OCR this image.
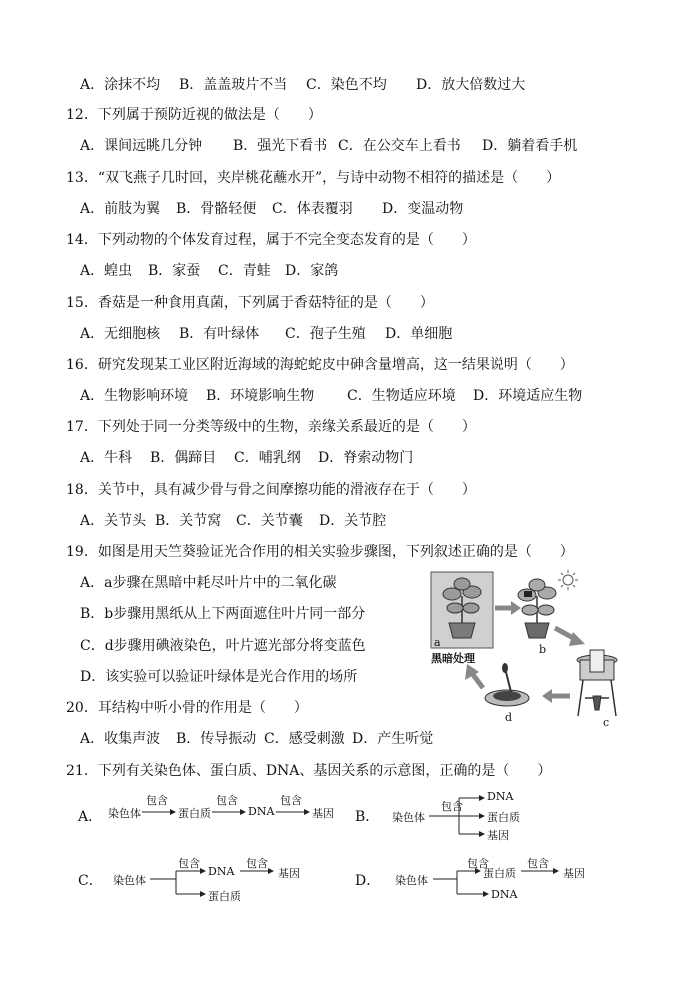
A．涂抹不均 B．盖盖玻片不当 C．染色不均 D．放大倍数过大
12．下列属于预防近视的做法是（　　）
A．课间远眺几分钟 B．强光下看书 C．在公交车上看书 D．躺着看手机
13．“双飞燕子几时回，夹岸桃花蘸水开”，与诗中动物不相符的描述是（　　）
A．前肢为翼 B．骨骼轻便 C．体表覆羽 D．变温动物
14．下列动物的个体发育过程，属于不完全变态发育的是（　　）
A．蝗虫 B．家蚕 C．青蛙 D．家鸽
15．香菇是一种食用真菌，下列属于香菇特征的是（　　）
A．无细胞核 B．有叶绿体 C．孢子生殖 D．单细胞
16．研究发现某工业区附近海域的海蛇蛇皮中砷含量增高，这一结果说明（　　）
A．生物影响环境 B．环境影响生物 C．生物适应环境 D．环境适应生物
17．下列处于同一分类等级中的生物，亲缘关系最近的是（　　）
A．牛科 B．偶蹄目 C．哺乳纲 D．脊索动物门
18．关节中，具有减少骨与骨之间摩擦功能的滑液存在于（　　）
A．关节头 B．关节窝 C．关节囊 D．关节腔
19．如图是用天竺葵验证光合作用的相关实验步骤图，下列叙述正确的是（　　）
A．a步骤在黑暗中耗尽叶片中的二氧化碳
B．b步骤用黑纸从上下两面遮住叶片同一部分
C．d步骤用碘液染色，叶片遮光部分将变蓝色
D．该实验可以验证叶绿体是光合作用的场所
a
黑暗处理
b
c
d
20．耳结构中听小骨的作用是（　　）
A．收集声波 B．传导振动 C．感受刺激 D．产生听觉
21．下列有关染色体、蛋白质、DNA、基因关系的示意图，正确的是（　　）
A． 染色体
包含
蛋白质
包含
DNA
包含
基因 B． 染色体
包含
DNA
蛋白质
基因
C． 染色体
包含
DNA
包含
基因
蛋白质
D． 染色体
包含
蛋白质
包含
基因
DNA
